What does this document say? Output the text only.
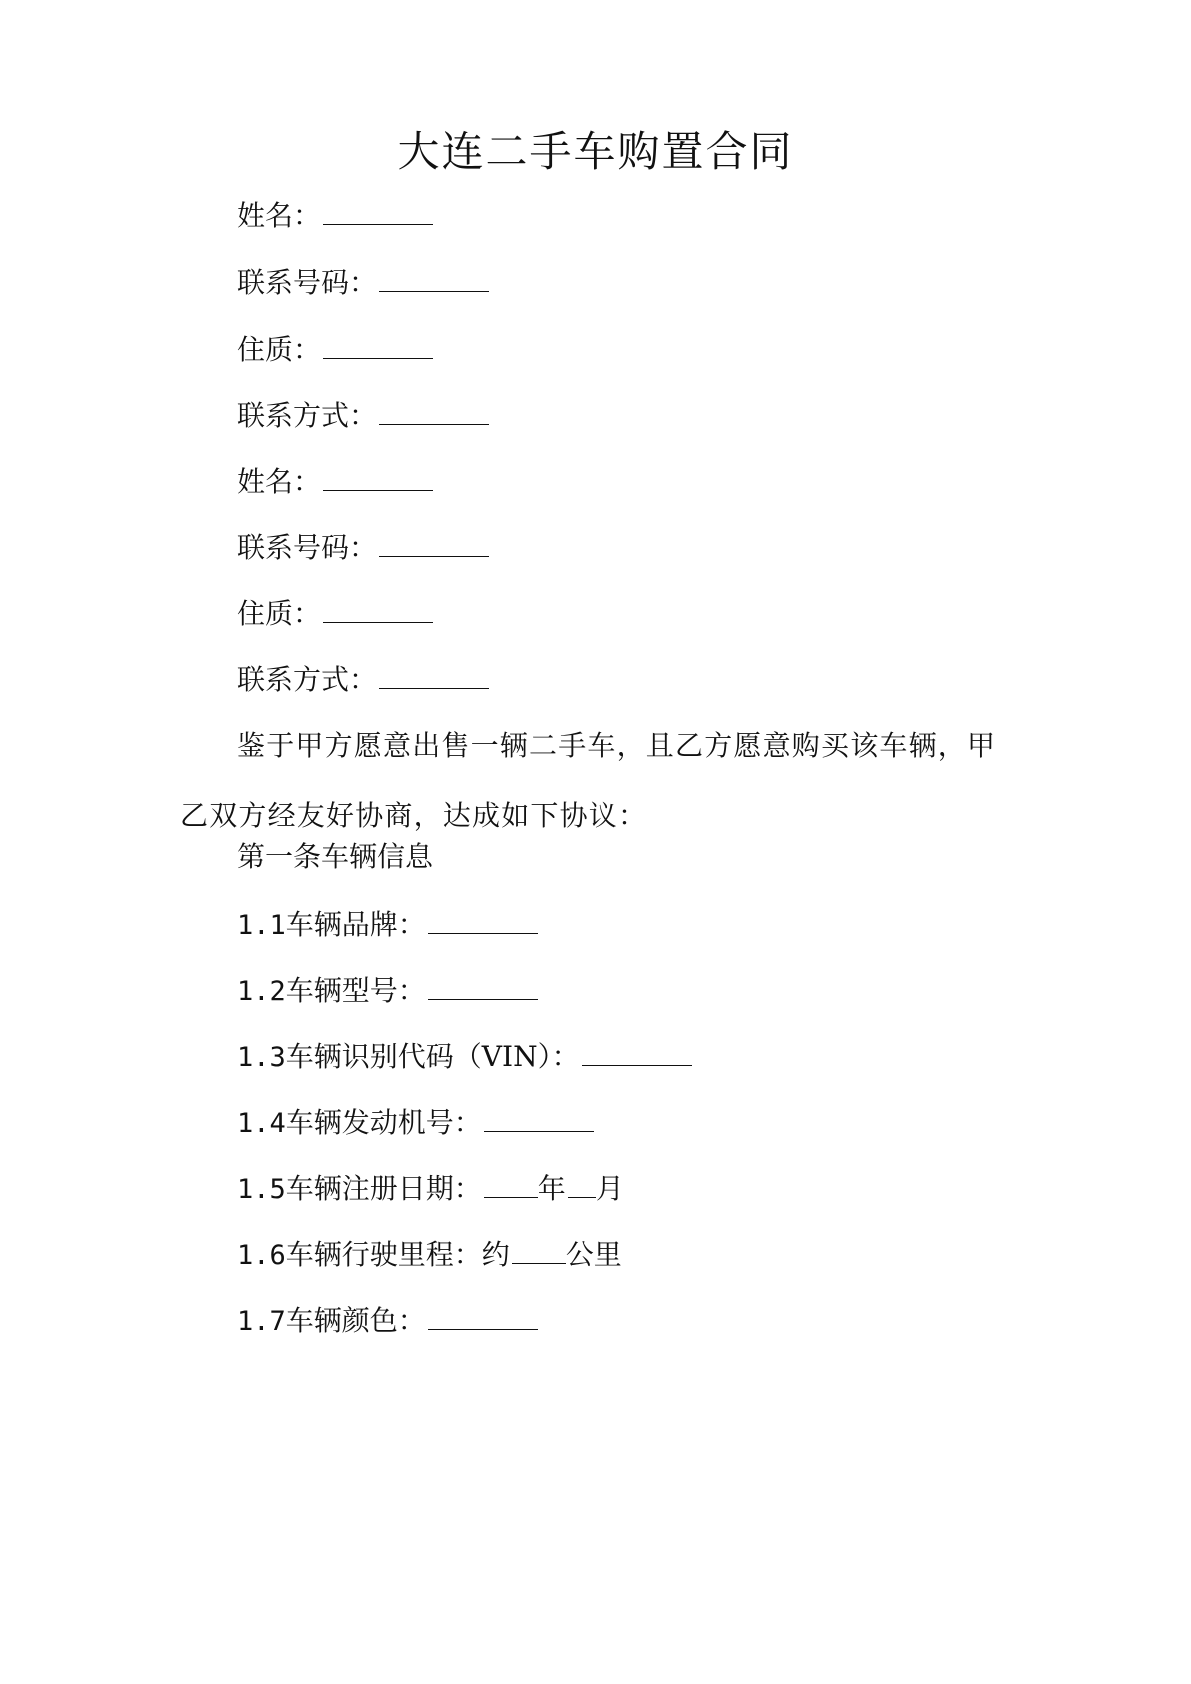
大连二手车购置合同
姓名：
联系号码：
住质：
联系方式：
姓名：
联系号码：
住质：
联系方式：

鉴于甲方愿意出售一辆二手车，且乙方愿意购买该车辆，甲乙双方经友好协商，达成如下协议：

第一条车辆信息
1.1车辆品牌：
1.2车辆型号：
1.3车辆识别代码（VIN）：
1.4车辆发动机号：
1.5车辆注册日期： 年 月
1.6车辆行驶里程：约 公里
1.7车辆颜色：
